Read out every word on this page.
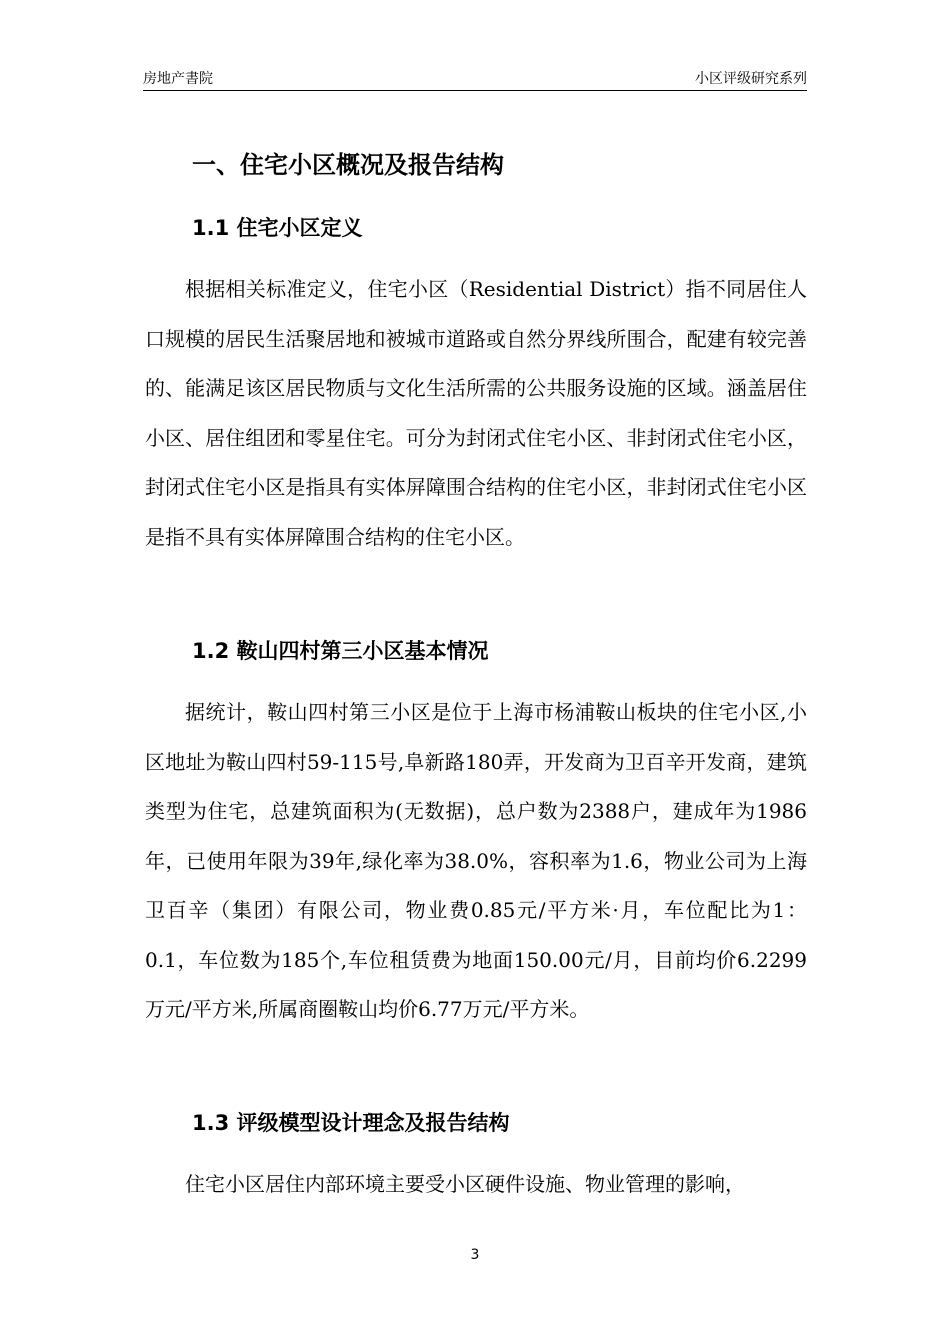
房地产書院	小区评级研究系列
一、住宅小区概况及报告结构
1.1 住宅小区定义

根据相关标准定义，住宅小区（Residential District）指不同居住人口规模的居民生活聚居地和被城市道路或自然分界线所围合，配建有较完善的、能满足该区居民物质与文化生活所需的公共服务设施的区域。涵盖居住小区、居住组团和零星住宅。可分为封闭式住宅小区、非封闭式住宅小区，封闭式住宅小区是指具有实体屏障围合结构的住宅小区，非封闭式住宅小区是指不具有实体屏障围合结构的住宅小区。

1.2 鞍山四村第三小区基本情况

据统计，鞍山四村第三小区是位于上海市杨浦鞍山板块的住宅小区,小区地址为鞍山四村59-115号,阜新路180弄，开发商为卫百辛开发商，建筑类型为住宅，总建筑面积为(无数据)，总户数为2388户，建成年为1986年，已使用年限为39年,绿化率为38.0%，容积率为1.6，物业公司为上海卫百辛（集团）有限公司，物业费0.85元/平方米·月，车位配比为1：0.1，车位数为185个,车位租赁费为地面150.00元/月，目前均价6.2299万元/平方米,所属商圈鞍山均价6.77万元/平方米。

1.3 评级模型设计理念及报告结构

住宅小区居住内部环境主要受小区硬件设施、物业管理的影响，

3
